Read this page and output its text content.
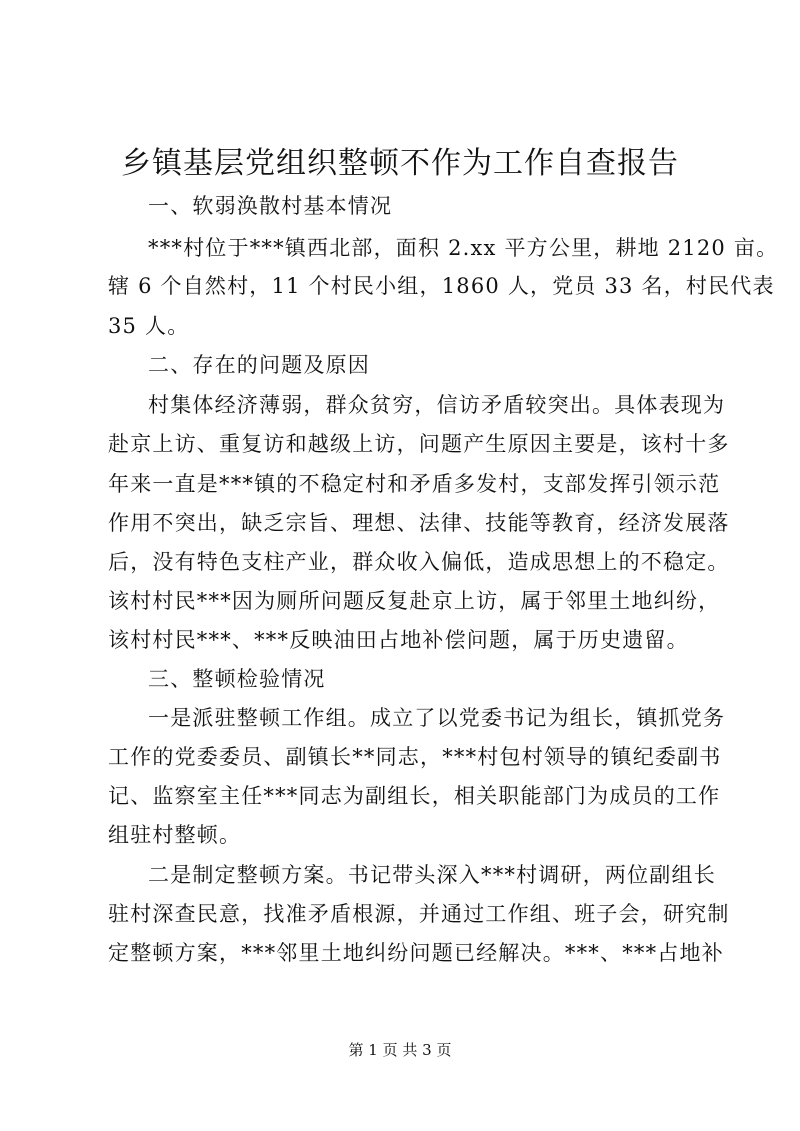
乡镇基层党组织整顿不作为工作自查报告
一、软弱涣散村基本情况
***村位于***镇西北部，面积 2.xx 平方公里，耕地 2120 亩。
辖 6 个自然村，11 个村民小组，1860 人，党员 33 名，村民代表
35 人。
二、存在的问题及原因
村集体经济薄弱，群众贫穷，信访矛盾较突出。具体表现为
赴京上访、重复访和越级上访，问题产生原因主要是，该村十多
年来一直是***镇的不稳定村和矛盾多发村，支部发挥引领示范
作用不突出，缺乏宗旨、理想、法律、技能等教育，经济发展落
后，没有特色支柱产业，群众收入偏低，造成思想上的不稳定。
该村村民***因为厕所问题反复赴京上访，属于邻里土地纠纷，
该村村民***、***反映油田占地补偿问题，属于历史遗留。
三、整顿检验情况
一是派驻整顿工作组。成立了以党委书记为组长，镇抓党务
工作的党委委员、副镇长**同志，***村包村领导的镇纪委副书
记、监察室主任***同志为副组长，相关职能部门为成员的工作
组驻村整顿。
二是制定整顿方案。书记带头深入***村调研，两位副组长
驻村深查民意，找准矛盾根源，并通过工作组、班子会，研究制
定整顿方案，***邻里土地纠纷问题已经解决。***、***占地补
第 1 页 共 3 页
